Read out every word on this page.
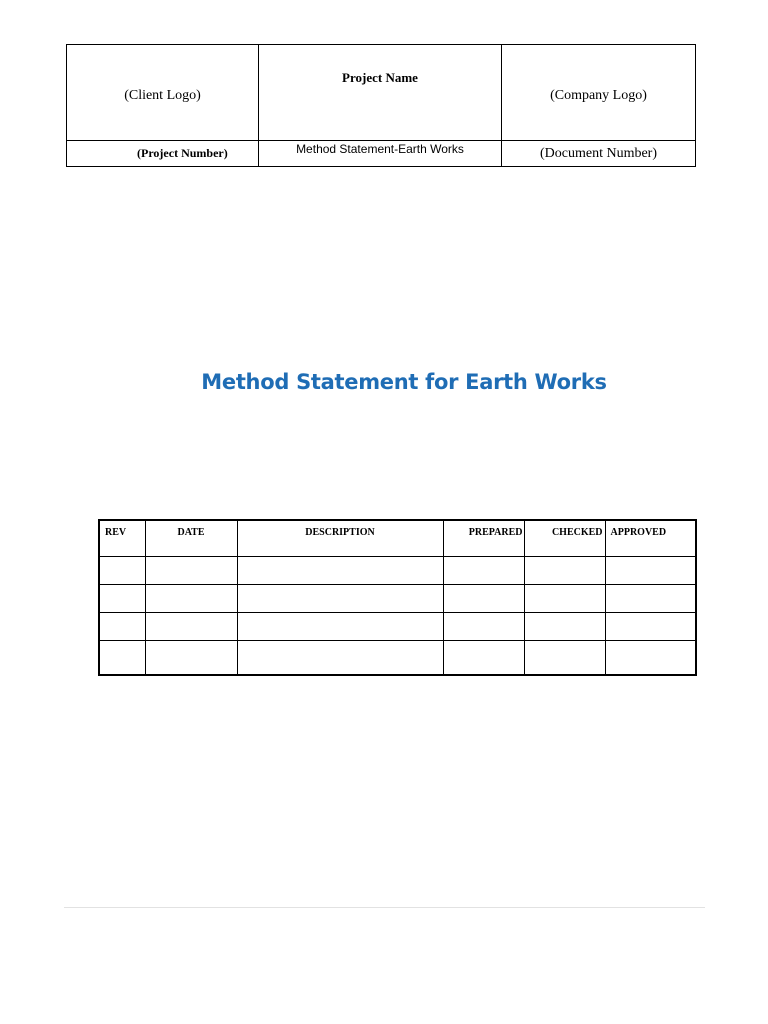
(Client Logo)	Project Name	(Company Logo)
(Project Number)	Method Statement-Earth Works	(Document Number)
Method Statement for Earth Works
REV	DATE	DESCRIPTION	PREPARED	CHECKED	APPROVED
